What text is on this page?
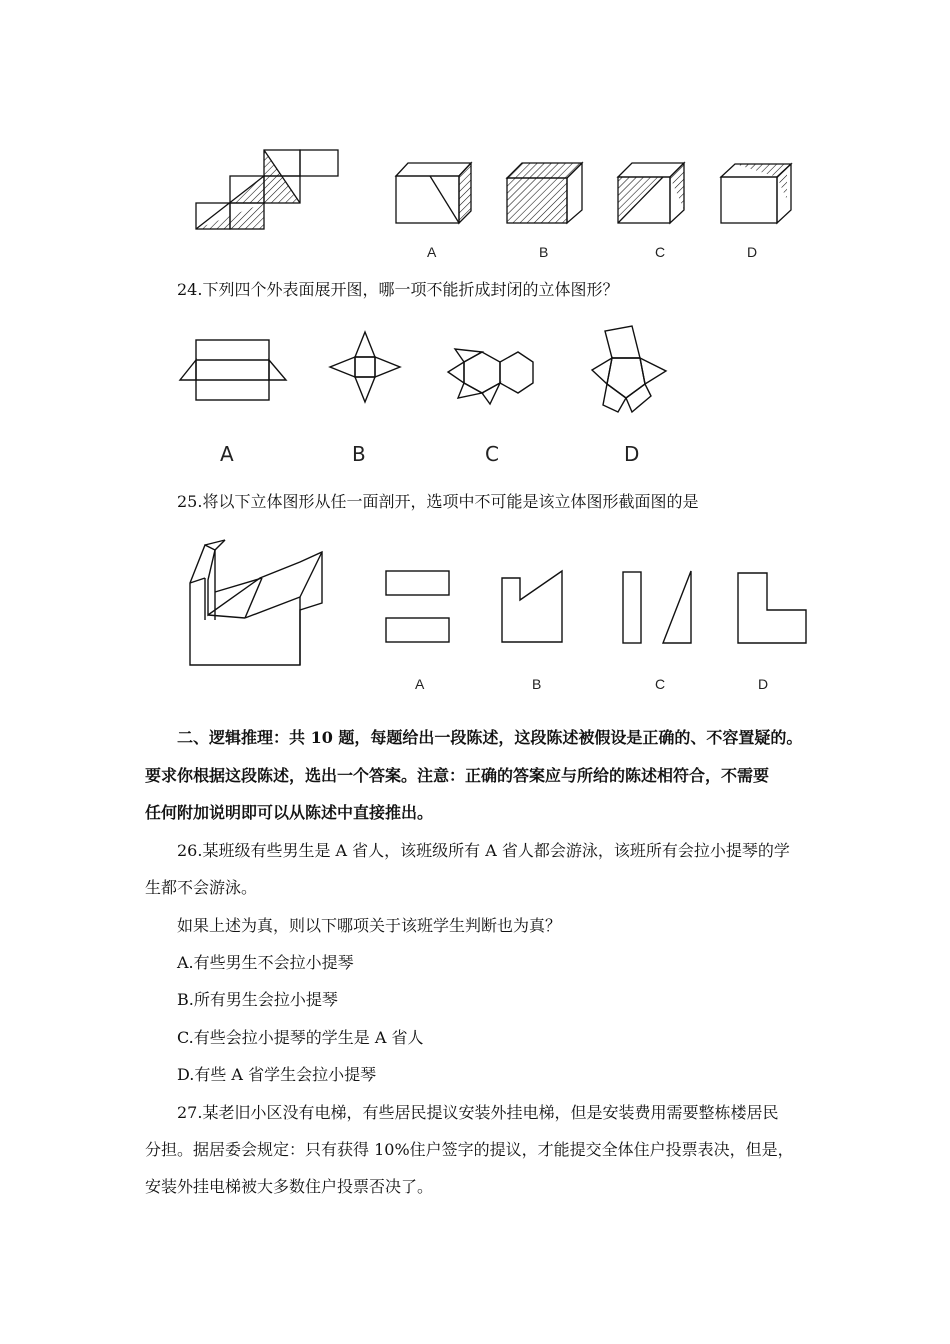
A	B	C	D
24.下列四个外表面展开图，哪一项不能折成封闭的立体图形？
A	B	C	D
25.将以下立体图形从任一面剖开，选项中不可能是该立体图形截面图的是
A	B	C	D
二、逻辑推理：共 10 题，每题给出一段陈述，这段陈述被假设是正确的、不容置疑的。
要求你根据这段陈述，选出一个答案。注意：正确的答案应与所给的陈述相符合，不需要
任何附加说明即可以从陈述中直接推出。
26.某班级有些男生是 A 省人，该班级所有 A 省人都会游泳，该班所有会拉小提琴的学
生都不会游泳。
如果上述为真，则以下哪项关于该班学生判断也为真？
A.有些男生不会拉小提琴
B.所有男生会拉小提琴
C.有些会拉小提琴的学生是 A 省人
D.有些 A 省学生会拉小提琴
27.某老旧小区没有电梯，有些居民提议安装外挂电梯，但是安装费用需要整栋楼居民
分担。据居委会规定：只有获得 10%住户签字的提议，才能提交全体住户投票表决，但是，
安装外挂电梯被大多数住户投票否决了。
